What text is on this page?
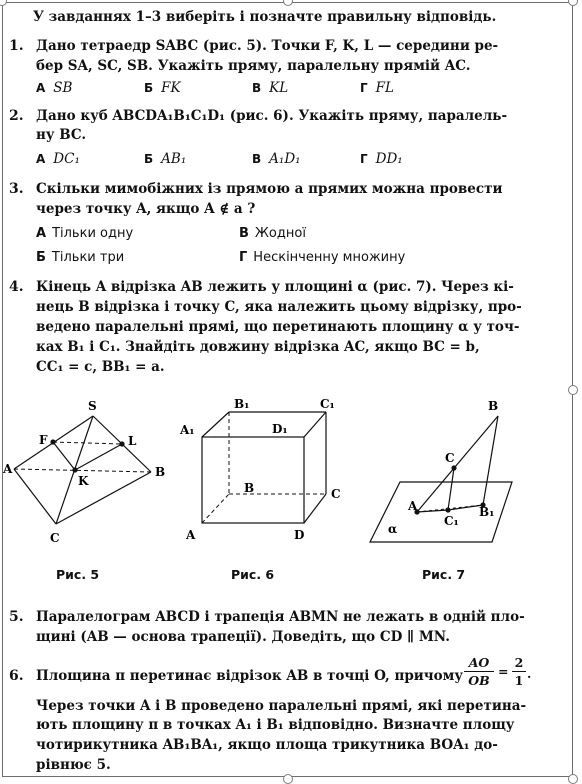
У завданнях 1–3 виберіть і позначте правильну відповідь.
1. Дано тетраедр SABC (рис. 5). Точки F, K, L — середини ре-
бер SA, SC, SB. Укажіть пряму, паралельну прямій AC.
А SB	Б FK	В KL	Г FL
2. Дано куб ABCDA₁B₁C₁D₁ (рис. 6). Укажіть пряму, паралель-
ну BC.
А DC₁	Б AB₁	В A₁D₁	Г DD₁
3. Скільки мимобіжних із прямою a прямих можна провести
через точку A, якщо A ∉ a ?
А Тільки одну	В Жодної
Б Тільки три	Г Нескінченну множину
4. Кінець A відрізка AB лежить у площині α (рис. 7). Через кі-
нець B відрізка і точку C, яка належить цьому відрізку, про-
ведено паралельні прямі, що перетинають площину α у точ-
ках B₁ і C₁. Знайдіть довжину відрізка AC, якщо BC = b,
CC₁ = c, BB₁ = a.
S
F	L
A
K
B
C
Рис. 5
B₁	C₁
A₁	D₁
B	C
A	D
Рис. 6
B
C
A
C₁
B₁
α
Рис. 7
5. Паралелограм ABCD і трапеція ABMN не лежать в одній пло-
щині (AB — основа трапеції). Доведіть, що CD ∥ MN.
6. Площина π перетинає відрізок AB в точці O, причому
AO
OB
=
2
1 .
Через точки A і B проведено паралельні прямі, які перетина-
ють площину π в точках A₁ і B₁ відповідно. Визначте площу
чотирикутника AB₁BA₁, якщо площа трикутника BOA₁ до-
рівнює 5.
